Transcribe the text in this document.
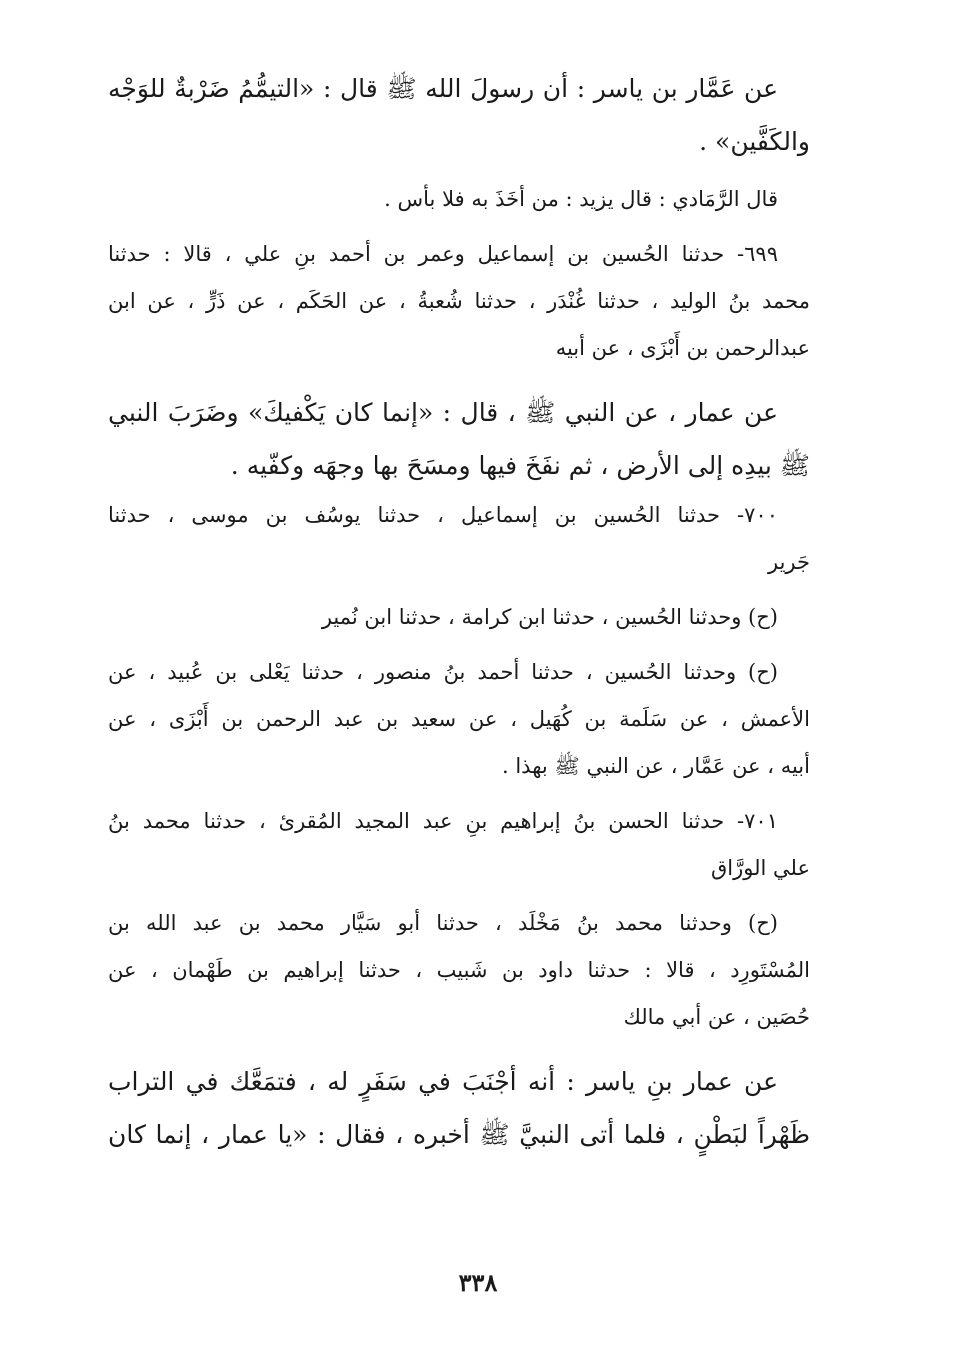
عن عَمَّار بن ياسر : أن رسولَ الله ﷺ قال : «التيمُّمُ ضَرْبةٌ للوَجْه
والكَفَّين» .
قال الرَّمَادي : قال يزيد : من أخَذَ به فلا بأس .
٦٩٩- حدثنا الحُسين بن إسماعيل وعمر بن أحمد بنِ علي ، قالا : حدثنا
محمد بنُ الوليد ، حدثنا غُنْدَر ، حدثنا شُعبةُ ، عن الحَكَم ، عن ذَرٍّ ، عن ابن
عبدالرحمن بن أَبْزَى ، عن أبيه
عن عمار ، عن النبي ﷺ ، قال : «إنما كان يَكْفيكَ» وضَرَبَ النبي
ﷺ بيدِه إلى الأرض ، ثم نفَخَ فيها ومسَحَ بها وجهَه وكفّيه .
٧٠٠- حدثنا الحُسين بن إسماعيل ، حدثنا يوسُف بن موسى ، حدثنا
جَرير
(ح) وحدثنا الحُسين ، حدثنا ابن كرامة ، حدثنا ابن نُمير
(ح) وحدثنا الحُسين ، حدثنا أحمد بنُ منصور ، حدثنا يَعْلى بن عُبيد ، عن
الأعمش ، عن سَلَمة بن كُهَيل ، عن سعيد بن عبد الرحمن بن أَبْزَى ، عن
أبيه ، عن عَمَّار ، عن النبي ﷺ بهذا .
٧٠١- حدثنا الحسن بنُ إبراهيم بنِ عبد المجيد المُقرئ ، حدثنا محمد بنُ
علي الورَّاق
(ح) وحدثنا محمد بنُ مَخْلَد ، حدثنا أبو سَيَّار محمد بن عبد الله بن
المُسْتَورِد ، قالا : حدثنا داود بن شَبيب ، حدثنا إبراهيم بن طَهْمان ، عن
حُصَين ، عن أبي مالك
عن عمار بنِ ياسر : أنه أجْنَبَ في سَفَرٍ له ، فتمَعَّك في التراب
ظَهْراً لبَطْنٍ ، فلما أتى النبيَّ ﷺ أخبره ، فقال : «يا عمار ، إنما كان
٣٣٨
